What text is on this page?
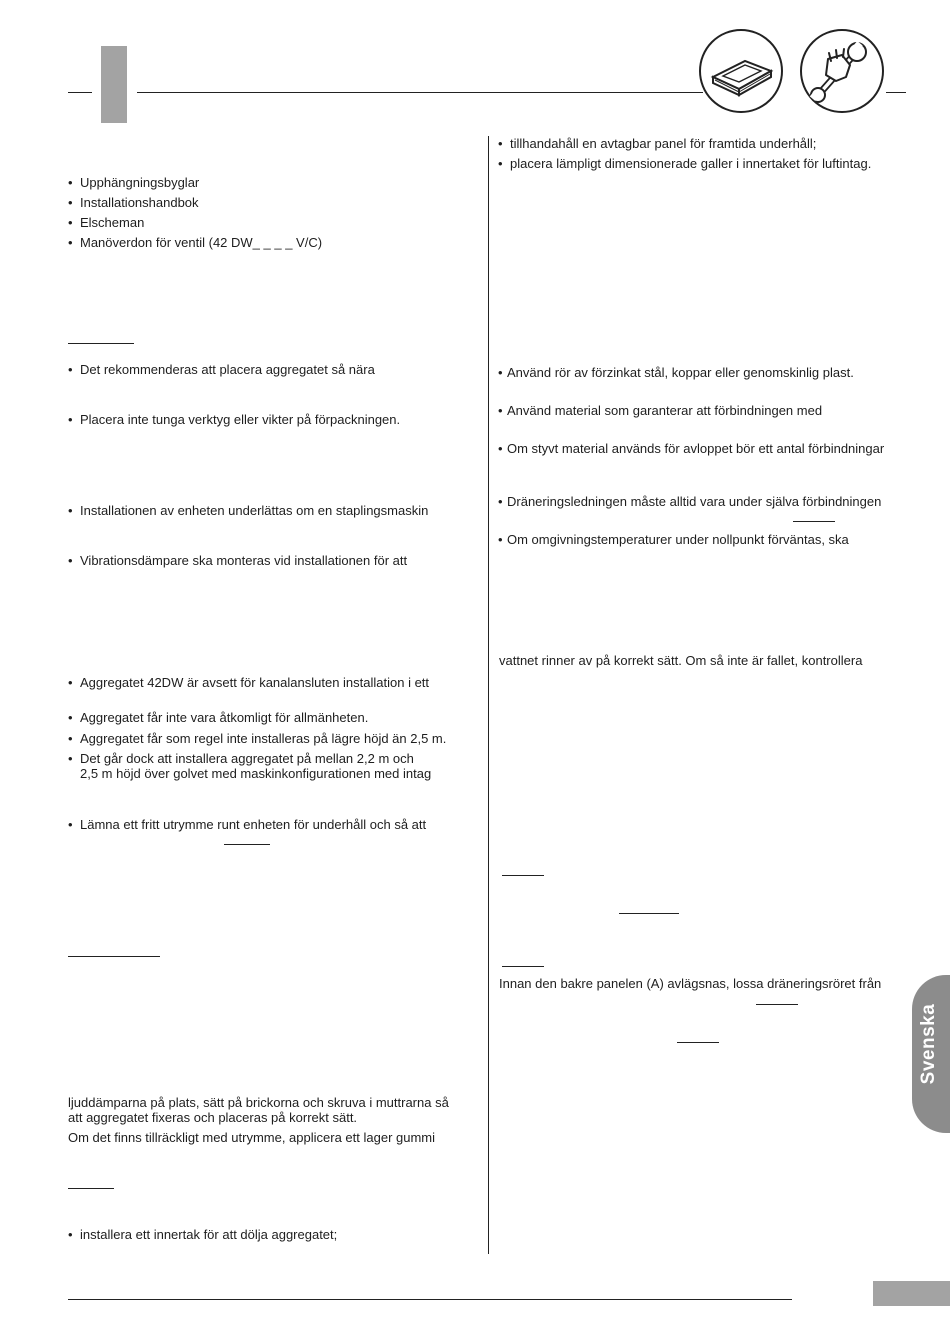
• Upphängningsbyglar
• Installationshandbok
• Elscheman
• Manöverdon för ventil (42 DW_ _ _ _ V/C)
• Det rekommenderas att placera aggregatet så nära
• Placera inte tunga verktyg eller vikter på förpackningen.
• Installationen av enheten underlättas om en staplingsmaskin
• Vibrationsdämpare ska monteras vid installationen för att
• Aggregatet 42DW är avsett för kanalansluten installation i ett
• Aggregatet får inte vara åtkomligt för allmänheten.
• Aggregatet får som regel inte installeras på lägre höjd än 2,5 m.
• Det går dock att installera aggregatet på mellan 2,2 m och
2,5 m höjd över golvet med maskinkonfigurationen med intag
• Lämna ett fritt utrymme runt enheten för underhåll och så att
ljuddämparna på plats, sätt på brickorna och skruva i muttrarna så
att aggregatet fixeras och placeras på korrekt sätt.
Om det finns tillräckligt med utrymme, applicera ett lager gummi
• installera ett innertak för att dölja aggregatet;
• tillhandahåll en avtagbar panel för framtida underhåll;
• placera lämpligt dimensionerade galler i innertaket för luftintag.
• Använd rör av förzinkat stål, koppar eller genomskinlig plast.
• Använd material som garanterar att förbindningen med
• Om styvt material används för avloppet bör ett antal förbindningar
• Dräneringsledningen måste alltid vara under själva förbindningen
• Om omgivningstemperaturer under nollpunkt förväntas, ska
vattnet rinner av på korrekt sätt. Om så inte är fallet, kontrollera
Innan den bakre panelen (A) avlägsnas, lossa dräneringsröret från
Svenska
